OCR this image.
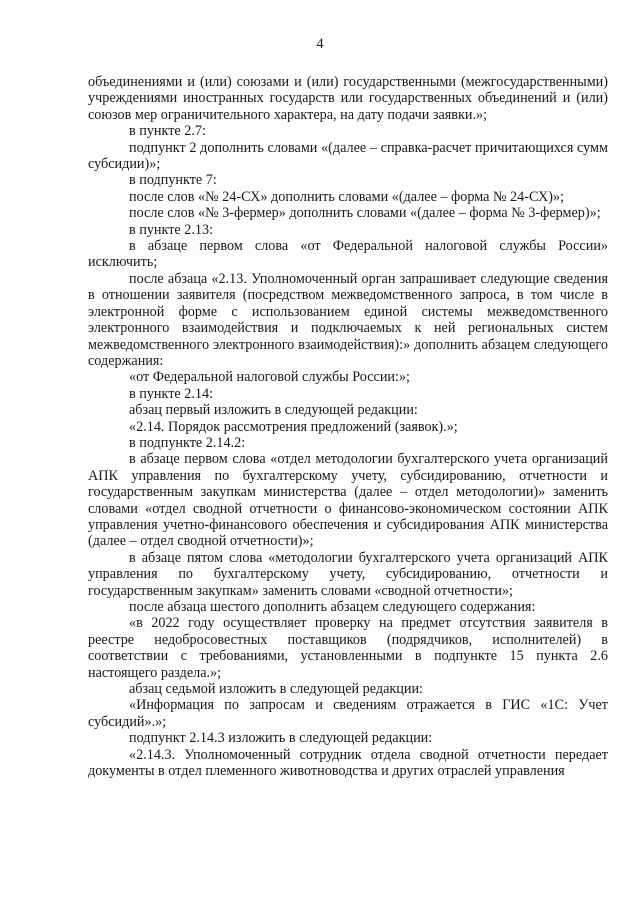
4

объединениями и (или) союзами и (или) государственными (межгосударственными) учреждениями иностранных государств или государственных объединений и (или) союзов мер ограничительного характера, на дату подачи заявки.»;

в пункте 2.7:

подпункт 2 дополнить словами «(далее – справка-расчет причитающихся сумм субсидии)»;

в подпункте 7:

после слов «№ 24-СХ» дополнить словами «(далее – форма № 24-СХ)»;

после слов «№ 3-фермер» дополнить словами «(далее – форма № 3-фермер)»;

в пункте 2.13:

в абзаце первом слова «от Федеральной налоговой службы России» исключить;

после абзаца «2.13. Уполномоченный орган запрашивает следующие сведения в отношении заявителя (посредством межведомственного запроса, в том числе в электронной форме с использованием единой системы межведомственного электронного взаимодействия и подключаемых к ней региональных систем межведомственного электронного взаимодействия):» дополнить абзацем следующего содержания:

«от Федеральной налоговой службы России:»;

в пункте 2.14:

абзац первый изложить в следующей редакции:

«2.14. Порядок рассмотрения предложений (заявок).»;

в подпункте 2.14.2:

в абзаце первом слова «отдел методологии бухгалтерского учета организаций АПК управления по бухгалтерскому учету, субсидированию, отчетности и государственным закупкам министерства (далее – отдел методологии)» заменить словами «отдел сводной отчетности о финансово-экономическом состоянии АПК управления учетно-финансового обеспечения и субсидирования АПК министерства (далее – отдел сводной отчетности)»;

в абзаце пятом слова «методологии бухгалтерского учета организаций АПК управления по бухгалтерскому учету, субсидированию, отчетности и государственным закупкам» заменить словами «сводной отчетности»;

после абзаца шестого дополнить абзацем следующего содержания:

«в 2022 году осуществляет проверку на предмет отсутствия заявителя в реестре недобросовестных поставщиков (подрядчиков, исполнителей) в соответствии с требованиями, установленными в подпункте 15 пункта 2.6 настоящего раздела.»;

абзац седьмой изложить в следующей редакции:

«Информация по запросам и сведениям отражается в ГИС «1С: Учет субсидий».»;

подпункт 2.14.3 изложить в следующей редакции:

«2.14.3. Уполномоченный сотрудник отдела сводной отчетности передает документы в отдел племенного животноводства и других отраслей управления
